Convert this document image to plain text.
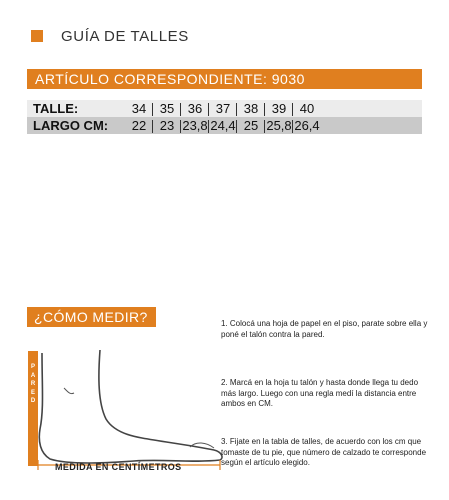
GUÍA DE TALLES
ARTÍCULO CORRESPONDIENTE: 9030
TALLE:	34	35	36	37	38	39	40
LARGO CM:	22	23 23,8 24,4 25 25,8 26,4
¿CÓMO MEDIR?
P
A
R
E
D
MEDIDA EN CENTÍMETROS
1. Colocá una hoja de papel en el piso, parate sobre ella y poné el talón contra la pared.
2. Marcá en la hoja tu talón y hasta donde llega tu dedo más largo. Luego con una regla medí la distancia entre ambos en CM.
3. Fijate en la tabla de talles, de acuerdo con los cm que tomaste de tu pie, que número de calzado te corresponde según el artículo elegido.
